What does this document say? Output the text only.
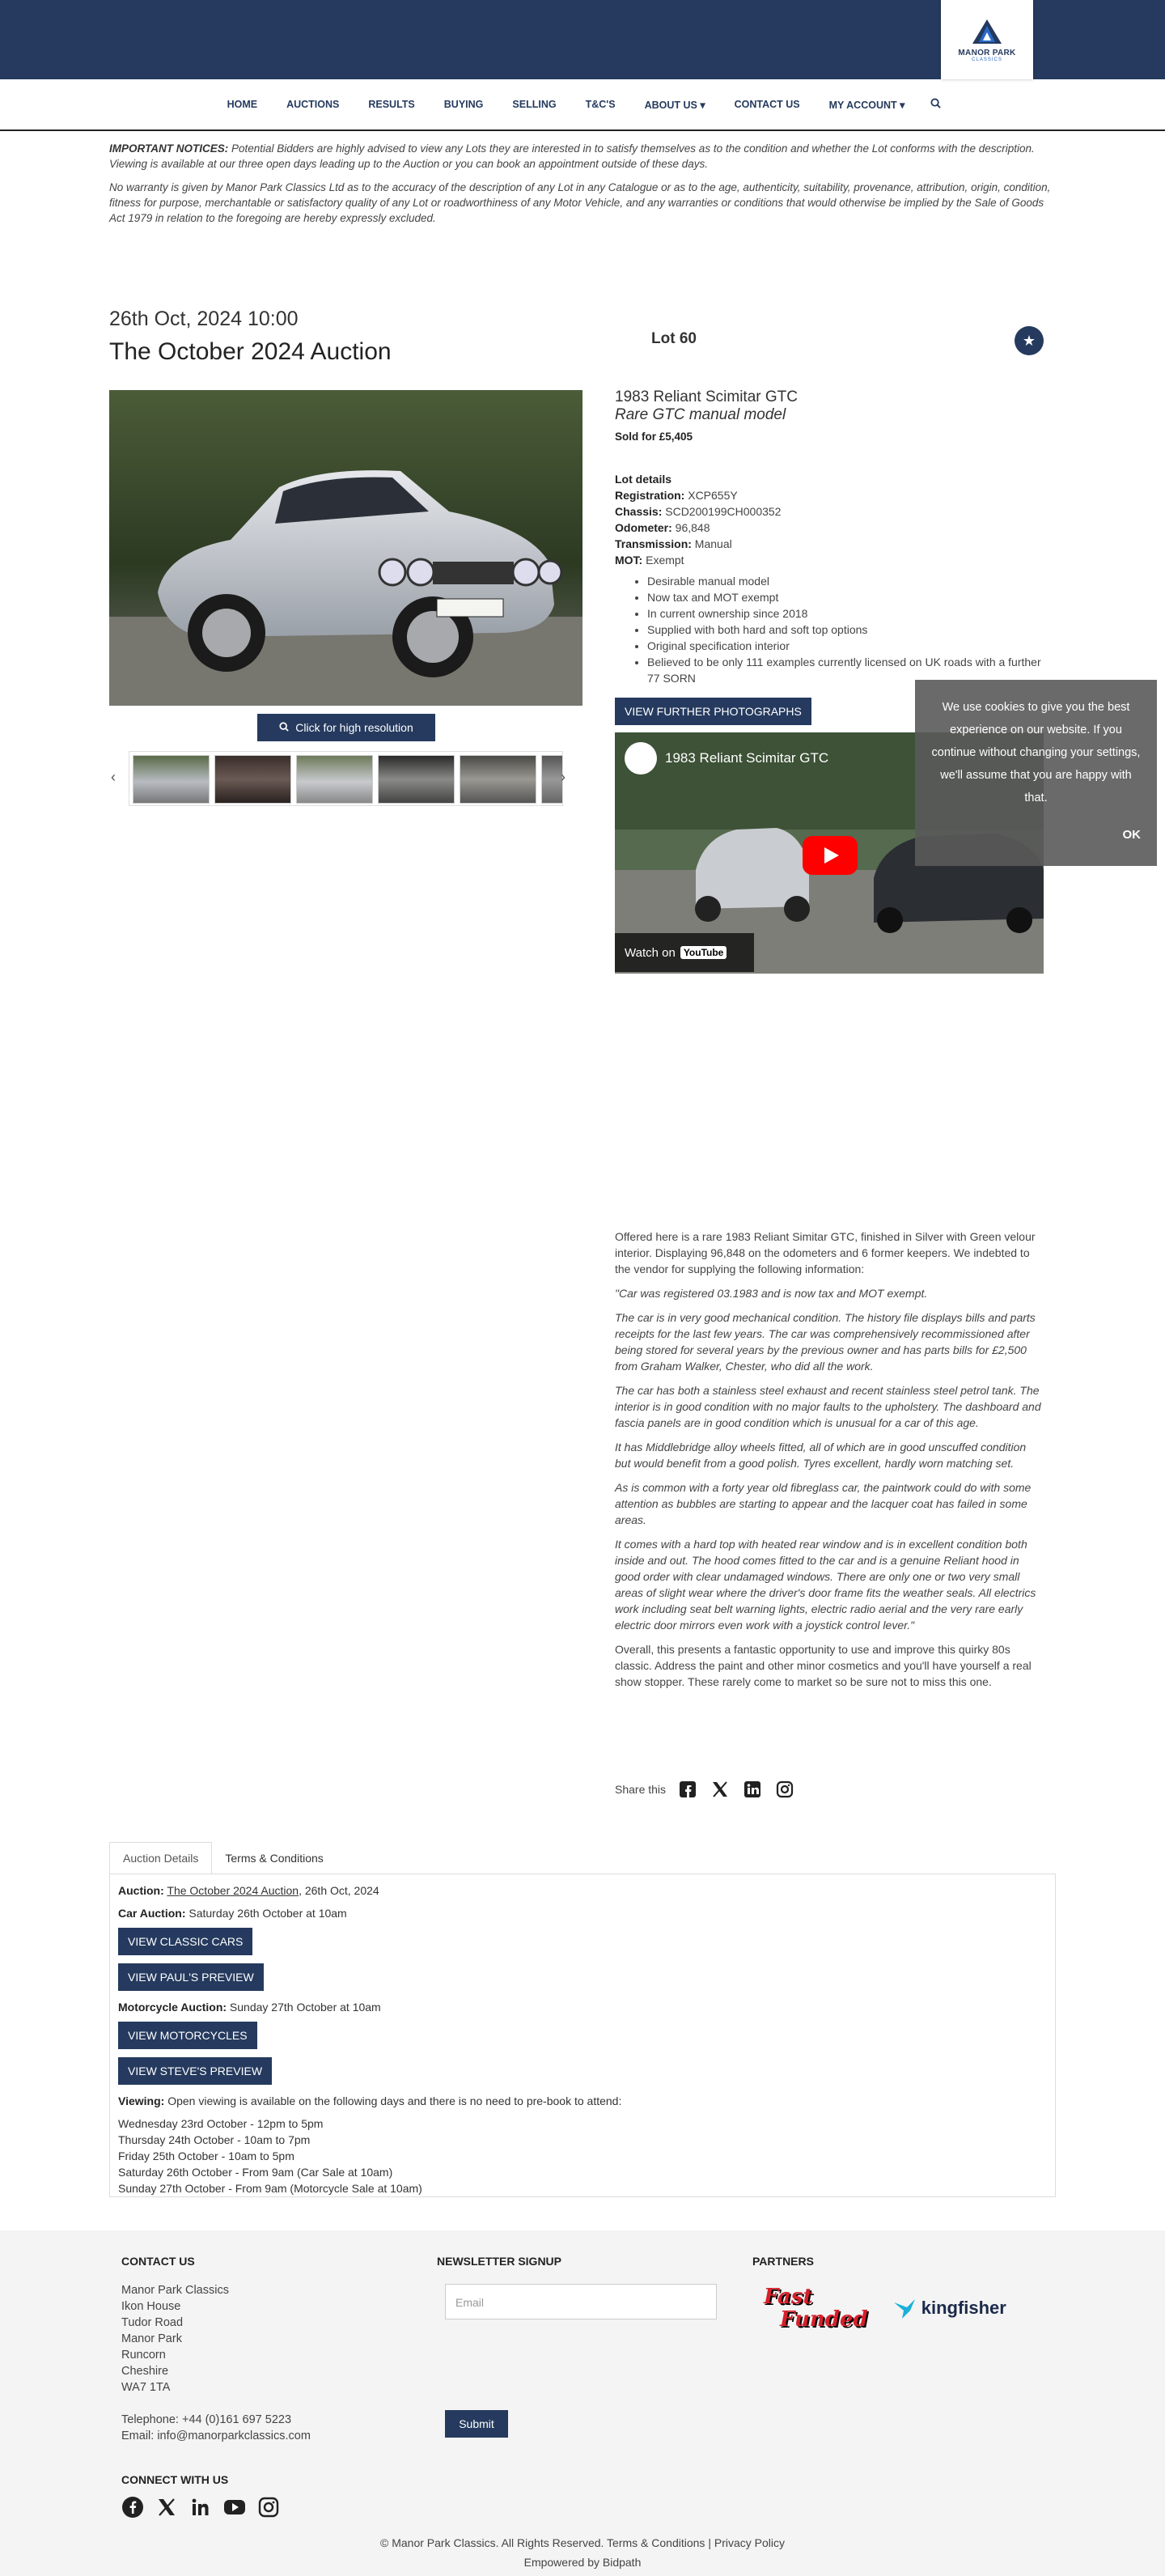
MANOR PARK
CLASSICS
HOME	AUCTIONS	RESULTS	BUYING	SELLING	T&C'S	ABOUT US ▾	CONTACT US	MY ACCOUNT ▾

IMPORTANT NOTICES: Potential Bidders are highly advised to view any Lots they are interested in to satisfy themselves as to the condition and whether the Lot conforms with the description. Viewing is available at our three open days leading up to the Auction or you can book an appointment outside of these days.

No warranty is given by Manor Park Classics Ltd as to the accuracy of the description of any Lot in any Catalogue or as to the age, authenticity, suitability, provenance, attribution, origin, condition, fitness for purpose, merchantable or satisfactory quality of any Lot or roadworthiness of any Motor Vehicle, and any warranties or conditions that would otherwise be implied by the Sale of Goods Act 1979 in relation to the foregoing are hereby expressly excluded.

26th Oct, 2024 10:00
The October 2024 Auction	Lot 60	★
Click for high resolution
‹	›
1983 Reliant Scimitar GTC
Rare GTC manual model
Sold for £5,405
Lot details
Registration: XCP655Y
Chassis: SCD200199CH000352
Odometer: 96,848
Transmission: Manual
MOT: Exempt
• Desirable manual model
• Now tax and MOT exempt
• In current ownership since 2018
• Supplied with both hard and soft top options
• Original specification interior
• Believed to be only 111 examples currently licensed on UK roads with a further 77 SORN
VIEW FURTHER PHOTOGRAPHS
1983 Reliant Scimitar GTC
Watch on YouTube
We use cookies to give you the best experience on our website. If you continue without changing your settings, we'll assume that you are happy with that.
OK

Offered here is a rare 1983 Reliant Simitar GTC, finished in Silver with Green velour interior. Displaying 96,848 on the odometers and 6 former keepers. We indebted to the vendor for supplying the following information:

"Car was registered 03.1983 and is now tax and MOT exempt.

The car is in very good mechanical condition. The history file displays bills and parts receipts for the last few years. The car was comprehensively recommissioned after being stored for several years by the previous owner and has parts bills for £2,500 from Graham Walker, Chester, who did all the work.

The car has both a stainless steel exhaust and recent stainless steel petrol tank. The interior is in good condition with no major faults to the upholstery. The dashboard and fascia panels are in good condition which is unusual for a car of this age.

It has Middlebridge alloy wheels fitted, all of which are in good unscuffed condition but would benefit from a good polish. Tyres excellent, hardly worn matching set.

As is common with a forty year old fibreglass car, the paintwork could do with some attention as bubbles are starting to appear and the lacquer coat has failed in some areas.

It comes with a hard top with heated rear window and is in excellent condition both inside and out. The hood comes fitted to the car and is a genuine Reliant hood in good order with clear undamaged windows. There are only one or two very small areas of slight wear where the driver's door frame fits the weather seals. All electrics work including seat belt warning lights, electric radio aerial and the very rare early electric door mirrors even work with a joystick control lever."

Overall, this presents a fantastic opportunity to use and improve this quirky 80s classic. Address the paint and other minor cosmetics and you'll have yourself a real show stopper. These rarely come to market so be sure not to miss this one.

Share this
Auction Details	Terms & Conditions
Auction: The October 2024 Auction, 26th Oct, 2024
Car Auction: Saturday 26th October at 10am
VIEW CLASSIC CARS
VIEW PAUL'S PREVIEW
Motorcycle Auction: Sunday 27th October at 10am
VIEW MOTORCYCLES
VIEW STEVE'S PREVIEW
Viewing: Open viewing is available on the following days and there is no need to pre-book to attend:
Wednesday 23rd October - 12pm to 5pm
Thursday 24th October - 10am to 7pm
Friday 25th October - 10am to 5pm
Saturday 26th October - From 9am (Car Sale at 10am)
Sunday 27th October - From 9am (Motorcycle Sale at 10am)
CONTACT US
Manor Park Classics
Ikon House
Tudor Road
Manor Park
Runcorn
Cheshire
WA7 1TA
Telephone: +44 (0)161 697 5223
Email: info@manorparkclassics.com
NEWSLETTER SIGNUP
Email
Submit
PARTNERS
Fast
Funded	kingfisher
CONNECT WITH US
© Manor Park Classics. All Rights Reserved. Terms & Conditions | Privacy Policy
Empowered by Bidpath
